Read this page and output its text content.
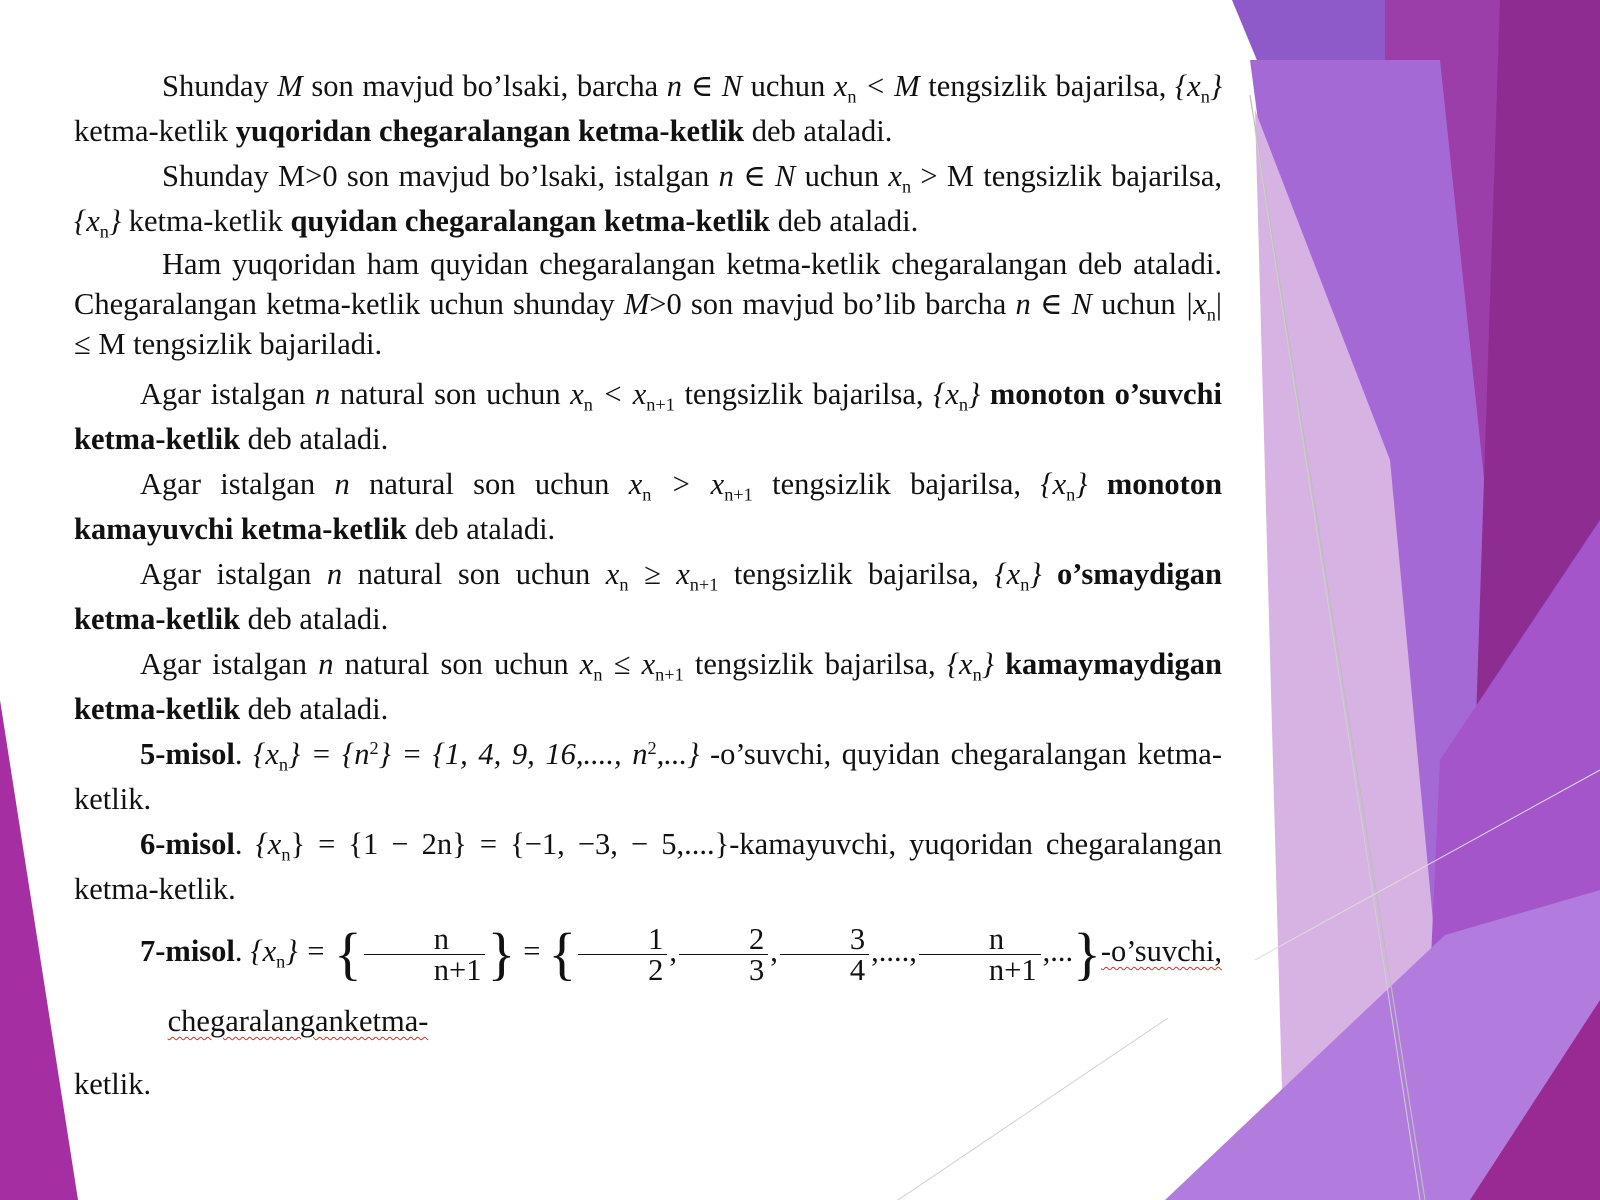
Shunday M son mavjud bo’lsaki, barcha n ∈ N uchun $x_n < M$ tengsizlik bajarilsa, $\{x_n\}$ ketma-ketlik yuqoridan chegaralangan ketma-ketlik deb ataladi.

Shunday M>0 son mavjud bo’lsaki, istalgan n ∈ N uchun $x_n > M$ tengsizlik bajarilsa, $\{x_n\}$ ketma-ketlik quyidan chegaralangan ketma-ketlik deb ataladi.

Ham yuqoridan ham quyidan chegaralangan ketma-ketlik chegaralangan deb ataladi. Chegaralangan ketma-ketlik uchun shunday M>0 son mavjud bo’lib barcha n ∈ N uchun $|x_n| \le M$ tengsizlik bajariladi.

Agar istalgan n natural son uchun $x_n < x_{n+1}$ tengsizlik bajarilsa, $\{x_n\}$ monoton o’suvchi ketma-ketlik deb ataladi.

Agar istalgan n natural son uchun $x_n > x_{n+1}$ tengsizlik bajarilsa, $\{x_n\}$ monoton kamayuvchi ketma-ketlik deb ataladi.

Agar istalgan n natural son uchun $x_n \ge x_{n+1}$ tengsizlik bajarilsa, $\{x_n\}$ o’smaydigan ketma-ketlik deb ataladi.

Agar istalgan n natural son uchun $x_n \le x_{n+1}$ tengsizlik bajarilsa, $\{x_n\}$ kamaymaydigan ketma-ketlik deb ataladi.

5-misol. $\{x_n\} = \{n^2\} = \{1$, 4, 9, 16,...., $n^2$,...} -o’suvchi, quyidan chegaralangan ketma-ketlik.

6-misol. $\{x_n\} = \{1 - 2n\} = \{-1$, −3, − 5,....}-kamayuvchi, yuqoridan chegaralangan ketma-ketlik.

7-misol. $\{x_n\}$ = { $\frac{n}{n+1}$ } = { $\frac{1}{2}$ , $\frac{2}{3}$ , $\frac{3}{4}$ ,...., $\frac{n}{n+1}$ ,...}-o’suvchi,  chegaralanganketma-

ketlik.
